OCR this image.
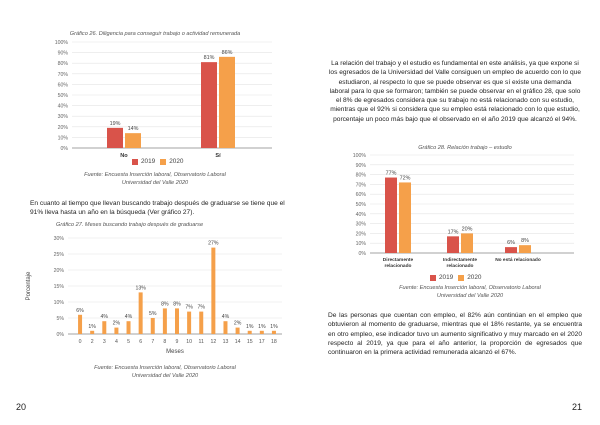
Gráfico 26. Diligencia para conseguir trabajo o actividad remunerada
0%
10%
20%
30%
40%
50%
60%
70%
80%
90%
100%
19%
14%
No
81%
86%
Sí
2019 2020
Fuente: Encuesta Inserción laboral, Observatorio Laboral
Universidad del Valle 2020
En cuanto al tiempo que llevan buscando trabajo después de graduarse se tiene que el 91% lleva hasta un año en la búsqueda (Ver gráfico 27).
Gráfico 27. Meses buscando trabajo después de graduarse
0%
5%
10%
15%
20%
25%
30%
6%
0
1%
2
4%
3
2%
4
4%
5
13%
6
5%
7
8%
8
8%
9
7%
10
7%
11
27%
12
4%
13
2%
14
1%
15
1%
17
1%
18
Meses
Porcentaje
Fuente: Encuesta Inserción laboral, Observatorio Laboral
Universidad del Valle 2020
20
La relación del trabajo y el estudio es fundamental en este análisis, ya que expone si los egresados de la Universidad del Valle consiguen un empleo de acuerdo con lo que estudiaron, al respecto lo que se puede observar es que sí existe una demanda laboral para lo que se formaron; también se puede observar en el gráfico 28, que solo el 8% de egresados considera que su trabajo no está relacionado con su estudio, mientras que el 92% si considera que su empleo está relacionado con lo que estudio, porcentaje un poco más bajo que el observado en el año 2019 que alcanzó el 94%.
Gráfico 28. Relación trabajo – estudio
0%
10%
20%
30%
40%
50%
60%
70%
80%
90%
100%
77%
72%
Directamente
relacionado
17% 20%
Indirectamente
relacionado
6% 8%
No está relacionado
2019 2020
Fuente: Encuesta Inserción laboral, Observatorio Laboral
Universidad del Valle 2020
De las personas que cuentan con empleo, el 82% aún continúan en el empleo que obtuvieron al momento de graduarse, mientras que el 18% restante, ya se encuentra en otro empleo, ese indicador tuvo un aumento significativo y muy marcado en el 2020 respecto al 2019, ya que para el año anterior, la proporción de egresados que continuaron en la primera actividad remunerada alcanzó el 67%.
21
